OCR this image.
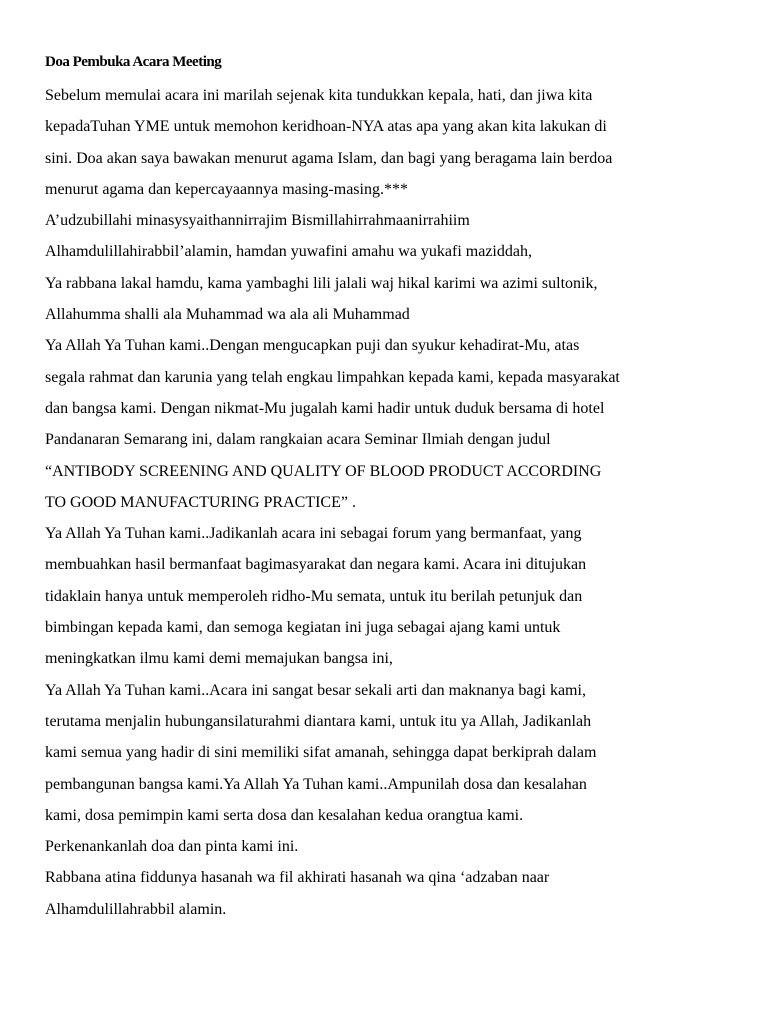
Doa Pembuka Acara Meeting
Sebelum memulai acara ini marilah sejenak kita tundukkan kepala, hati, dan jiwa kita
kepadaTuhan YME untuk memohon keridhoan-NYA atas apa yang akan kita lakukan di
sini. Doa akan saya bawakan menurut agama Islam, dan bagi yang beragama lain berdoa
menurut agama dan kepercayaannya masing-masing.***
A’udzubillahi minasysyaithannirrajim Bismillahirrahmaanirrahiim
Alhamdulillahirabbil’alamin, hamdan yuwafini amahu wa yukafi maziddah,
Ya rabbana lakal hamdu, kama yambaghi lili jalali waj hikal karimi wa azimi sultonik,
Allahumma shalli ala Muhammad wa ala ali Muhammad
Ya Allah Ya Tuhan kami..Dengan mengucapkan puji dan syukur kehadirat-Mu, atas
segala rahmat dan karunia yang telah engkau limpahkan kepada kami, kepada masyarakat
dan bangsa kami. Dengan nikmat-Mu jugalah kami hadir untuk duduk bersama di hotel
Pandanaran Semarang ini, dalam rangkaian acara Seminar Ilmiah dengan judul
“ANTIBODY SCREENING AND QUALITY OF BLOOD PRODUCT ACCORDING
TO GOOD MANUFACTURING PRACTICE” .
Ya Allah Ya Tuhan kami..Jadikanlah acara ini sebagai forum yang bermanfaat, yang
membuahkan hasil bermanfaat bagimasyarakat dan negara kami. Acara ini ditujukan
tidaklain hanya untuk memperoleh ridho-Mu semata, untuk itu berilah petunjuk dan
bimbingan kepada kami, dan semoga kegiatan ini juga sebagai ajang kami untuk
meningkatkan ilmu kami demi memajukan bangsa ini,
Ya Allah Ya Tuhan kami..Acara ini sangat besar sekali arti dan maknanya bagi kami,
terutama menjalin hubungansilaturahmi diantara kami, untuk itu ya Allah, Jadikanlah
kami semua yang hadir di sini memiliki sifat amanah, sehingga dapat berkiprah dalam
pembangunan bangsa kami.Ya Allah Ya Tuhan kami..Ampunilah dosa dan kesalahan
kami, dosa pemimpin kami serta dosa dan kesalahan kedua orangtua kami.
Perkenankanlah doa dan pinta kami ini.
Rabbana atina fiddunya hasanah wa fil akhirati hasanah wa qina ‘adzaban naar
Alhamdulillahrabbil alamin.
